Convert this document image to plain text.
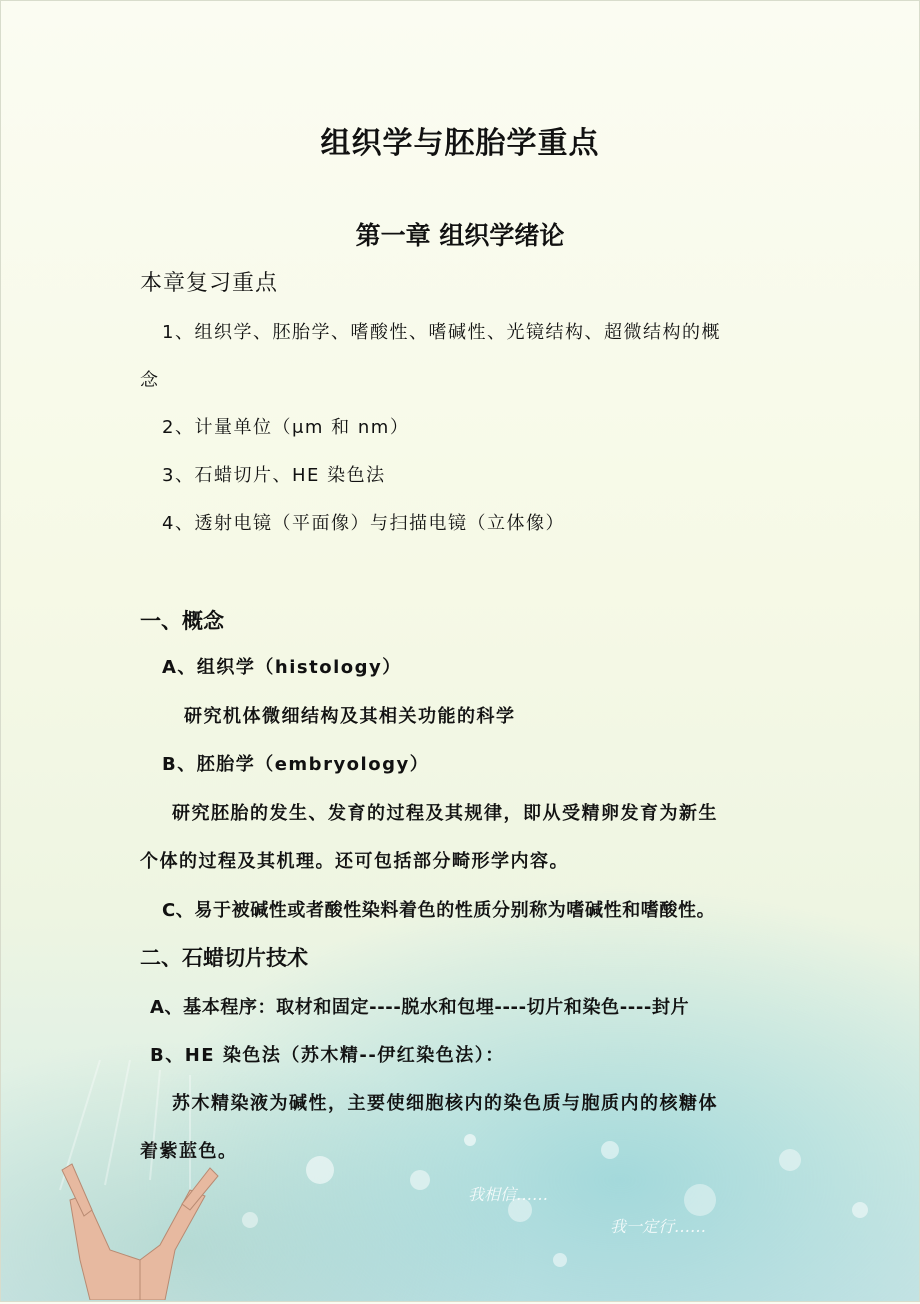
组织学与胚胎学重点
第一章 组织学绪论
本章复习重点
1、组织学、胚胎学、嗜酸性、嗜碱性、光镜结构、超微结构的概
念
2、计量单位（μm 和 nm）
3、石蜡切片、HE 染色法
4、透射电镜（平面像）与扫描电镜（立体像）
一、概念
A、组织学（histology）
研究机体微细结构及其相关功能的科学
B、胚胎学（embryology）
研究胚胎的发生、发育的过程及其规律，即从受精卵发育为新生
个体的过程及其机理。还可包括部分畸形学内容。
C、易于被碱性或者酸性染料着色的性质分别称为嗜碱性和嗜酸性。
二、石蜡切片技术
A、基本程序：取材和固定----脱水和包埋----切片和染色----封片
B、HE 染色法（苏木精--伊红染色法）：
苏木精染液为碱性，主要使细胞核内的染色质与胞质内的核糖体
着紫蓝色。
我相信……
我一定行……
